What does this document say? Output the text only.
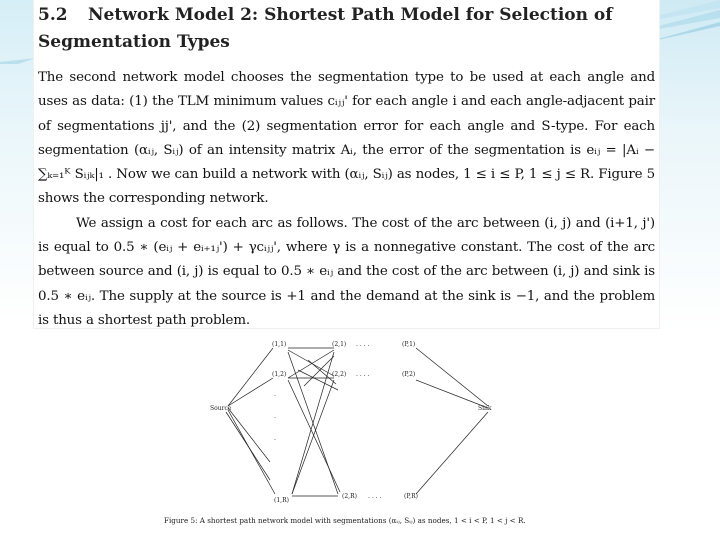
5.2 Network Model 2: Shortest Path Model for Selection of Segmentation Types

The second network model chooses the segmentation type to be used at each angle and uses as data: (1) the TLM minimum values cᵢⱼⱼ' for each angle i and each angle-adjacent pair of segmentations jj', and the (2) segmentation error for each angle and S-type. For each segmentation (αᵢⱼ, Sᵢⱼ) of an intensity matrix Aᵢ, the error of the segmentation is eᵢⱼ = |Aᵢ − ∑ₖ₌₁ᴷ Sᵢⱼₖ|₁ . Now we can build a network with (αᵢⱼ, Sᵢⱼ) as nodes, 1 ≤ i ≤ P, 1 ≤ j ≤ R. Figure 5 shows the corresponding network.

We assign a cost for each arc as follows. The cost of the arc between (i, j) and (i+1, j') is equal to 0.5 ∗ (eᵢⱼ + eᵢ₊₁ⱼ') + γcᵢⱼⱼ', where γ is a nonnegative constant. The cost of the arc between source and (i, j) is equal to 0.5 ∗ eᵢⱼ and the cost of the arc between (i, j) and sink is 0.5 ∗ eᵢⱼ. The supply at the source is +1 and the demand at the sink is −1, and the problem is thus a shortest path problem.

(1,1)	(2,1) . . . .	(P,1)
(1,2)	(2,2) . . . .	(P,2)
·
·
·
Source	Sink
(1,R)
(2,R) . . . .	(P,R)
Figure 5: A shortest path network model with segmentations (αᵢⱼ, Sᵢⱼ) as nodes, 1 < i < P, 1 < j < R.
